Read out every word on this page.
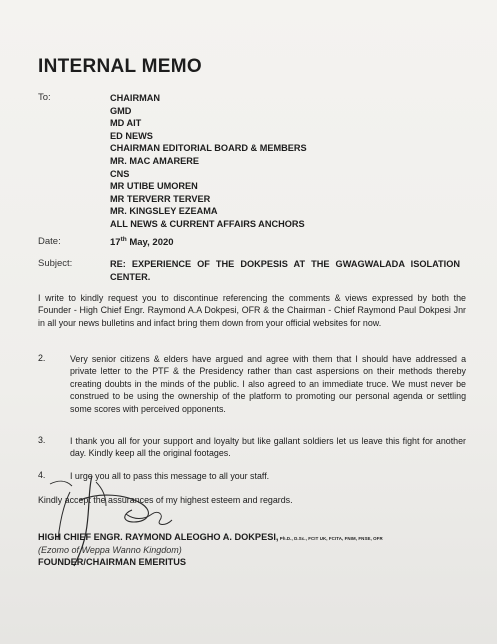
INTERNAL MEMO
To:	CHAIRMAN
GMD
MD AIT
ED NEWS
CHAIRMAN EDITORIAL BOARD & MEMBERS
MR. MAC AMARERE
CNS
MR UTIBE UMOREN
MR TERVERR TERVER
MR. KINGSLEY EZEAMA
ALL NEWS & CURRENT AFFAIRS ANCHORS
Date:	17th May, 2020
Subject:	RE: EXPERIENCE OF THE DOKPESIS AT THE GWAGWALADA ISOLATION CENTER.
I write to kindly request you to discontinue referencing the comments & views expressed by both the Founder - High Chief Engr. Raymond A.A Dokpesi, OFR & the Chairman - Chief Raymond Paul Dokpesi Jnr in all your news bulletins and infact bring them down from your official websites for now.
2.	Very senior citizens & elders have argued and agree with them that I should have addressed a private letter to the PTF & the Presidency rather than cast aspersions on their methods thereby creating doubts in the minds of the public. I also agreed to an immediate truce. We must never be construed to be using the ownership of the platform to promoting our personal agenda or settling some scores with perceived opponents.
3.	I thank you all for your support and loyalty but like gallant soldiers let us leave this fight for another day. Kindly keep all the original footages.
4.	I urge you all to pass this message to all your staff.
Kindly accept the assurances of my highest esteem and regards.
HIGH CHIEF ENGR. RAYMOND ALEOGHO A. DOKPESI, Ph.D., D.Sc., FCIT UK, FCITA, FNIM, FNSE, OFR
(Ezomo of Weppa Wanno Kingdom)
FOUNDER/CHAIRMAN EMERITUS
